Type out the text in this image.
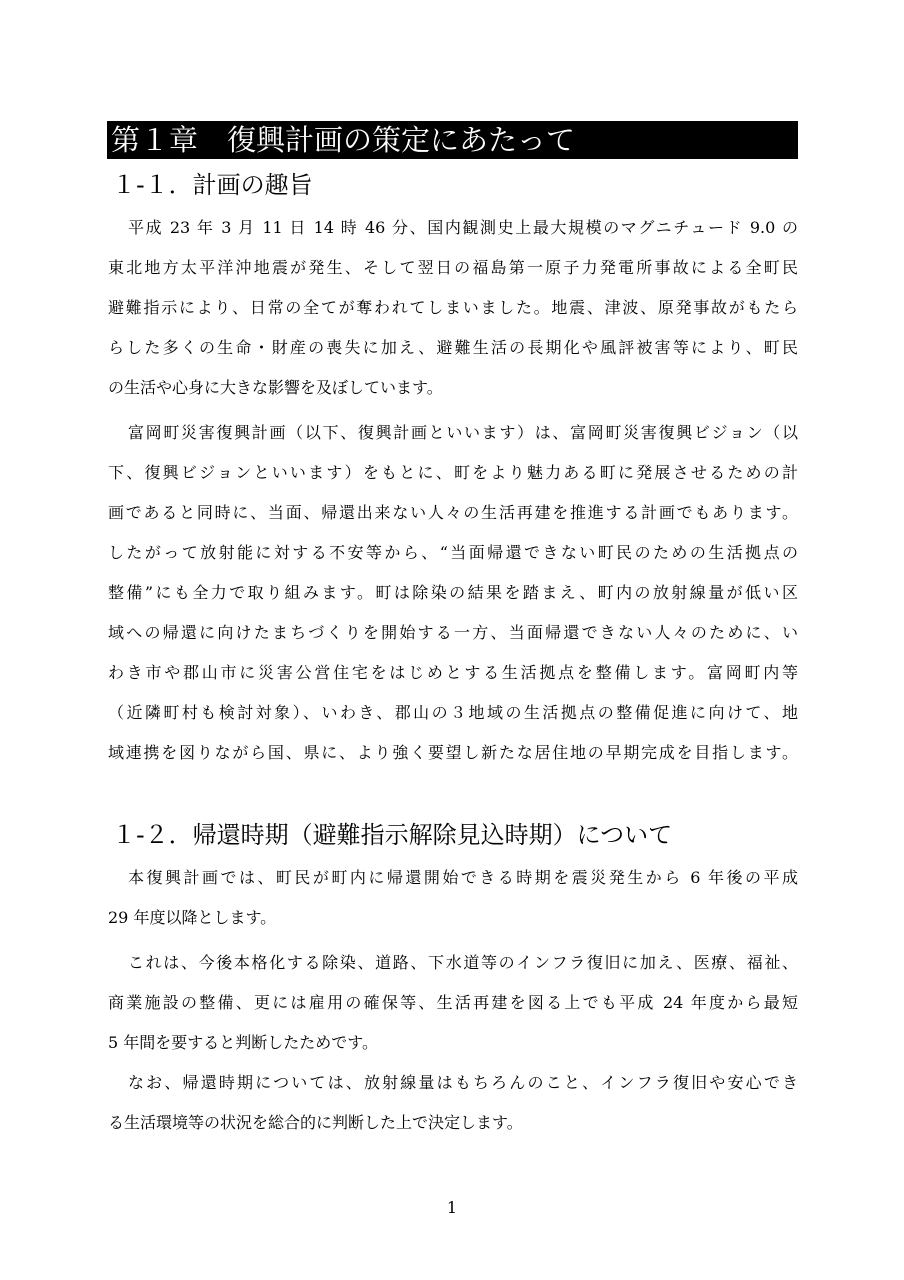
第１章　復興計画の策定にあたって
１-１．計画の趣旨
平成 23 年 3 月 11 日 14 時 46 分、国内観測史上最大規模のマグニチュード 9.0 の
東北地方太平洋沖地震が発生、そして翌日の福島第一原子力発電所事故による全町民
避難指示により、日常の全てが奪われてしまいました。地震、津波、原発事故がもたら
らした多くの生命・財産の喪失に加え、避難生活の長期化や風評被害等により、町民
の生活や心身に大きな影響を及ぼしています。
富岡町災害復興計画（以下、復興計画といいます）は、富岡町災害復興ビジョン（以
下、復興ビジョンといいます）をもとに、町をより魅力ある町に発展させるための計
画であると同時に、当面、帰還出来ない人々の生活再建を推進する計画でもあります。
したがって放射能に対する不安等から、“当面帰還できない町民のための生活拠点の
整備”にも全力で取り組みます。町は除染の結果を踏まえ、町内の放射線量が低い区
域への帰還に向けたまちづくりを開始する一方、当面帰還できない人々のために、い
わき市や郡山市に災害公営住宅をはじめとする生活拠点を整備します。富岡町内等
（近隣町村も検討対象）、いわき、郡山の３地域の生活拠点の整備促進に向けて、地
域連携を図りながら国、県に、より強く要望し新たな居住地の早期完成を目指します。
１-２．帰還時期（避難指示解除見込時期）について
本復興計画では、町民が町内に帰還開始できる時期を震災発生から 6 年後の平成
29 年度以降とします。
これは、今後本格化する除染、道路、下水道等のインフラ復旧に加え、医療、福祉、
商業施設の整備、更には雇用の確保等、生活再建を図る上でも平成 24 年度から最短
5 年間を要すると判断したためです。
なお、帰還時期については、放射線量はもちろんのこと、インフラ復旧や安心でき
る生活環境等の状況を総合的に判断した上で決定します。
1
